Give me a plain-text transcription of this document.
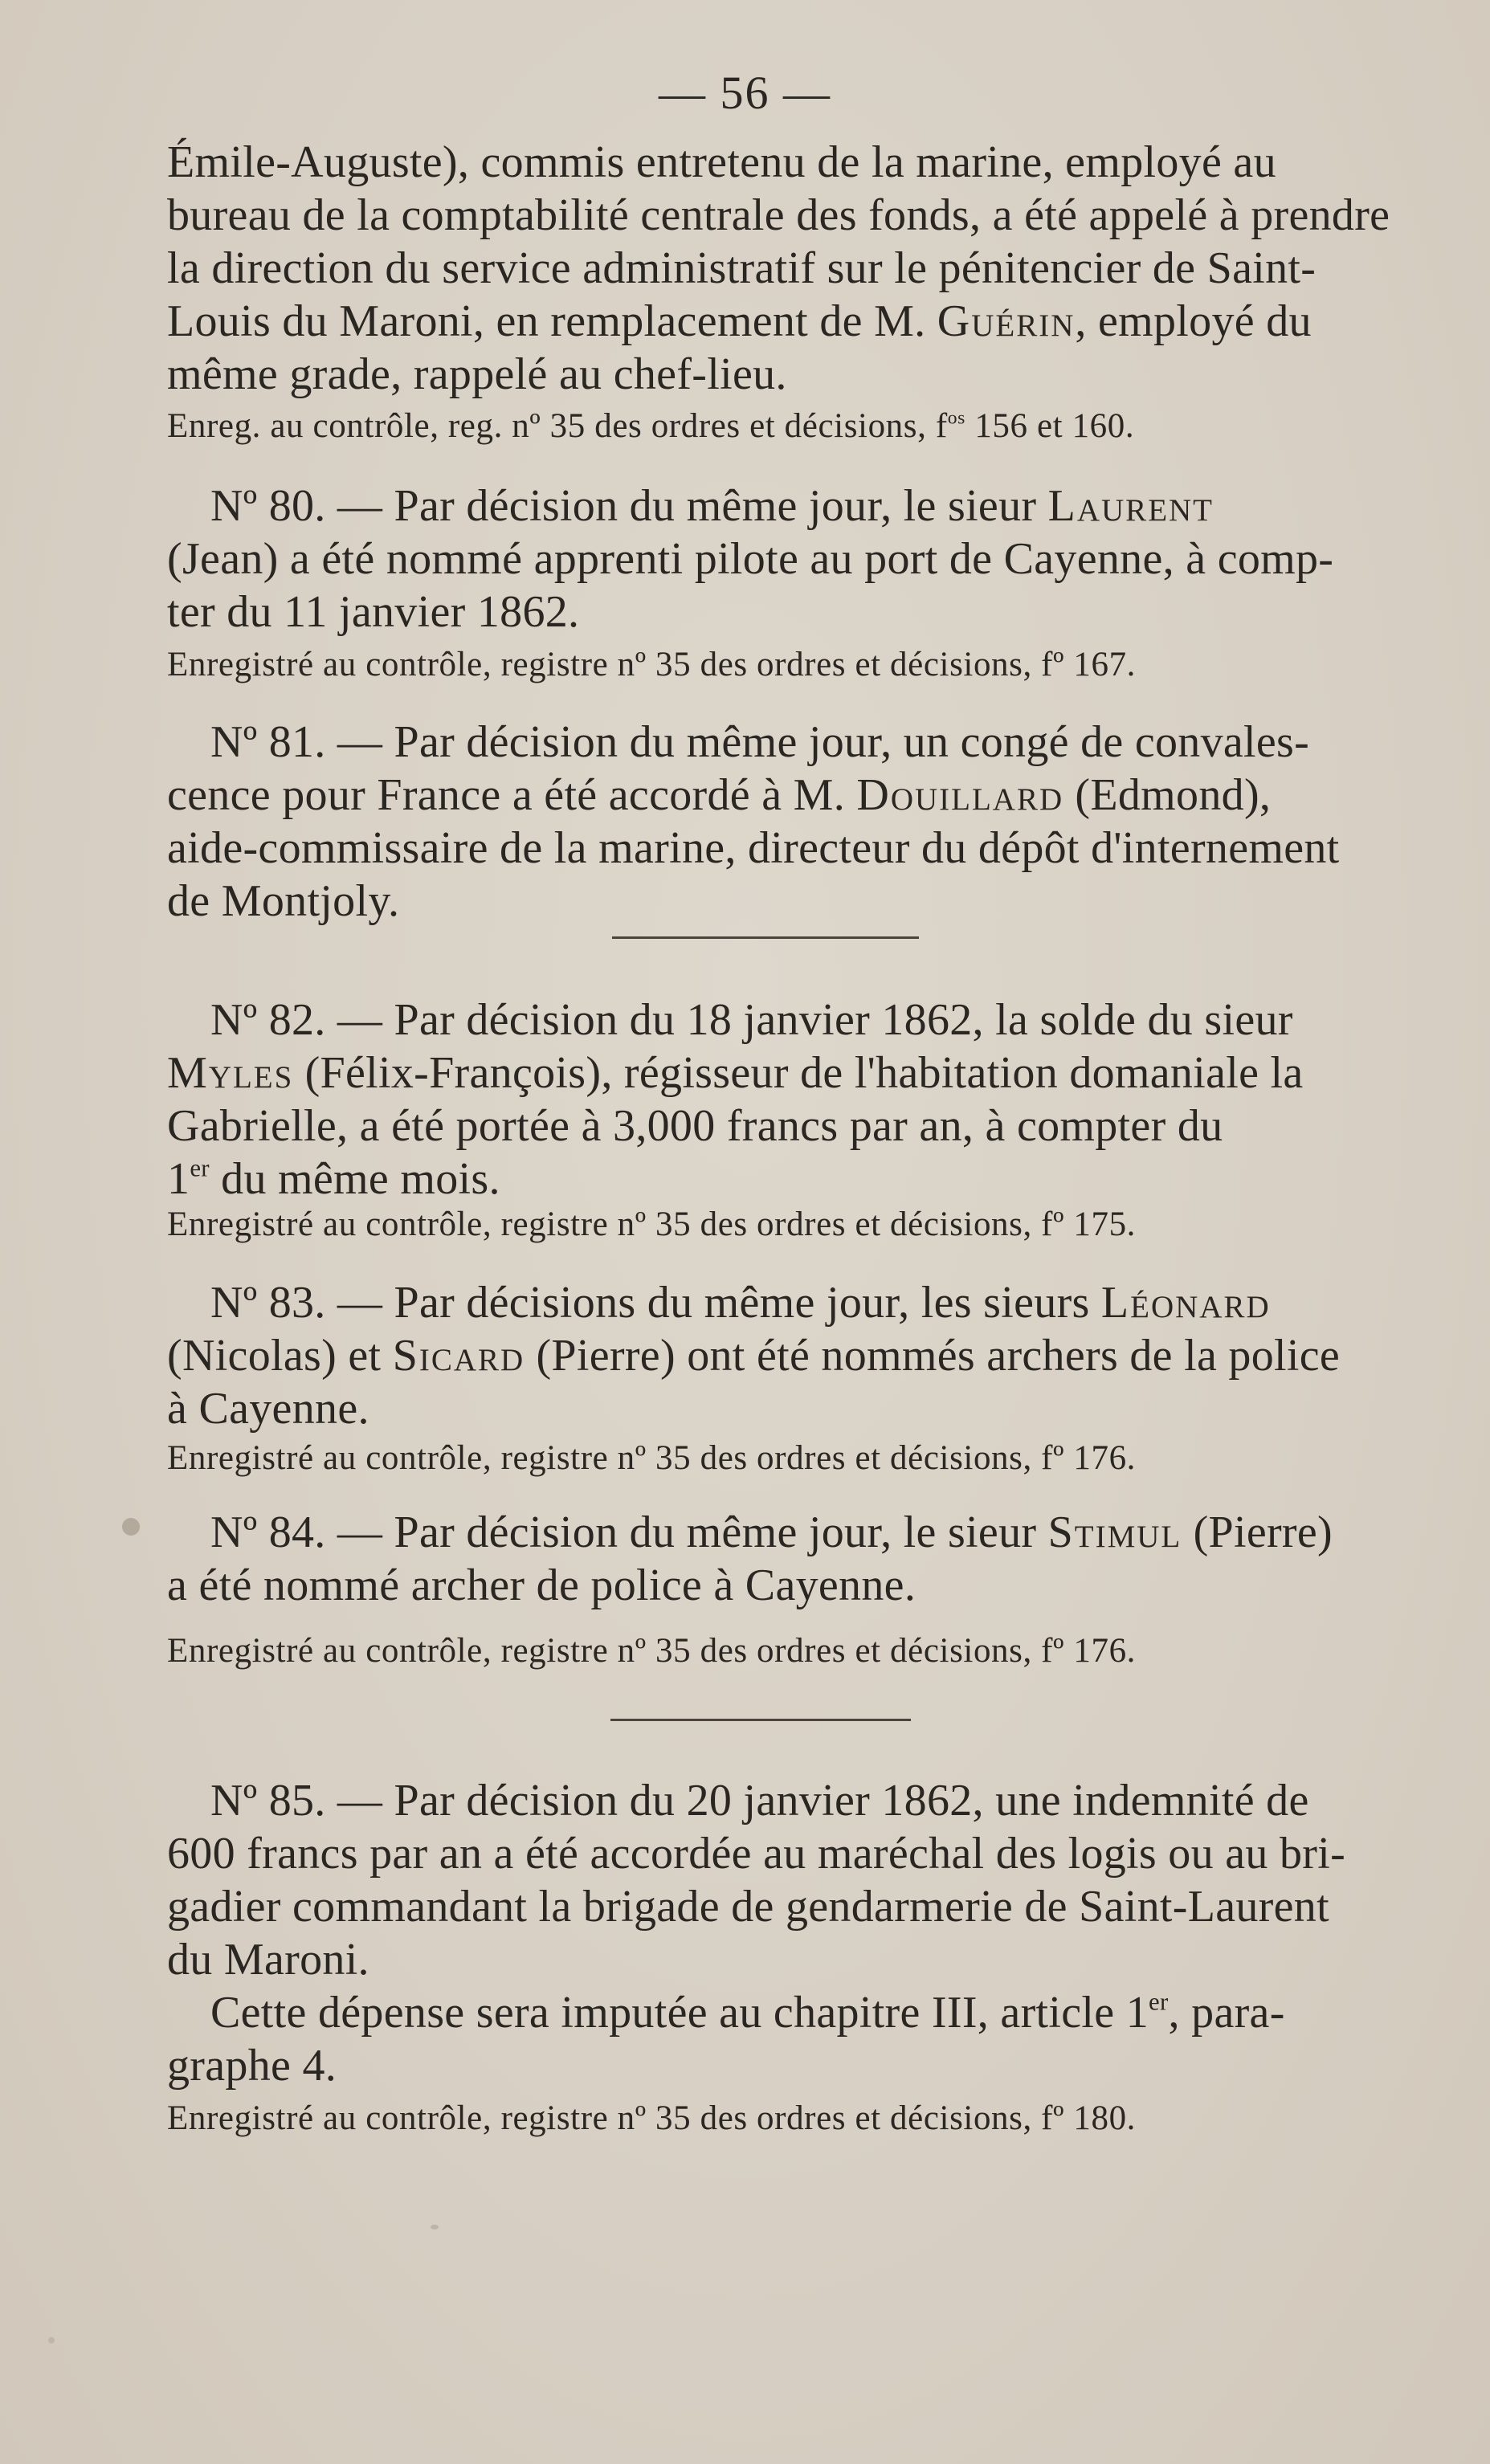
— 56 —
Émile-Auguste), commis entretenu de la marine, employé au
bureau de la comptabilité centrale des fonds, a été appelé à prendre
la direction du service administratif sur le pénitencier de Saint-
Louis du Maroni, en remplacement de M. Guérin, employé du
même grade, rappelé au chef-lieu.
Enreg. au contrôle, reg. nº 35 des ordres et décisions, $f^{os}$ 156 et 160.
Nº 80. — Par décision du même jour, le sieur Laurent
(Jean) a été nommé apprenti pilote au port de Cayenne, à comp-
ter du 11 janvier 1862.
Enregistré au contrôle, registre nº 35 des ordres et décisions, fº 167.
Nº 81. — Par décision du même jour, un congé de convales-
cence pour France a été accordé à M. Douillard (Edmond),
aide-commissaire de la marine, directeur du dépôt d'internement
de Montjoly.
Nº 82. — Par décision du 18 janvier 1862, la solde du sieur
Myles (Félix-François), régisseur de l'habitation domaniale la
Gabrielle, a été portée à 3,000 francs par an, à compter du
1er du même mois.
Enregistré au contrôle, registre nº 35 des ordres et décisions, fº 175.
Nº 83. — Par décisions du même jour, les sieurs Léonard
(Nicolas) et Sicard (Pierre) ont été nommés archers de la police
à Cayenne.
Enregistré au contrôle, registre nº 35 des ordres et décisions, fº 176.
Nº 84. — Par décision du même jour, le sieur Stimul (Pierre)
a été nommé archer de police à Cayenne.
Enregistré au contrôle, registre nº 35 des ordres et décisions, fº 176.
Nº 85. — Par décision du 20 janvier 1862, une indemnité de
600 francs par an a été accordée au maréchal des logis ou au bri-
gadier commandant la brigade de gendarmerie de Saint-Laurent
du Maroni.
Cette dépense sera imputée au chapitre III, article 1er, para-
graphe 4.
Enregistré au contrôle, registre nº 35 des ordres et décisions, fº 180.
